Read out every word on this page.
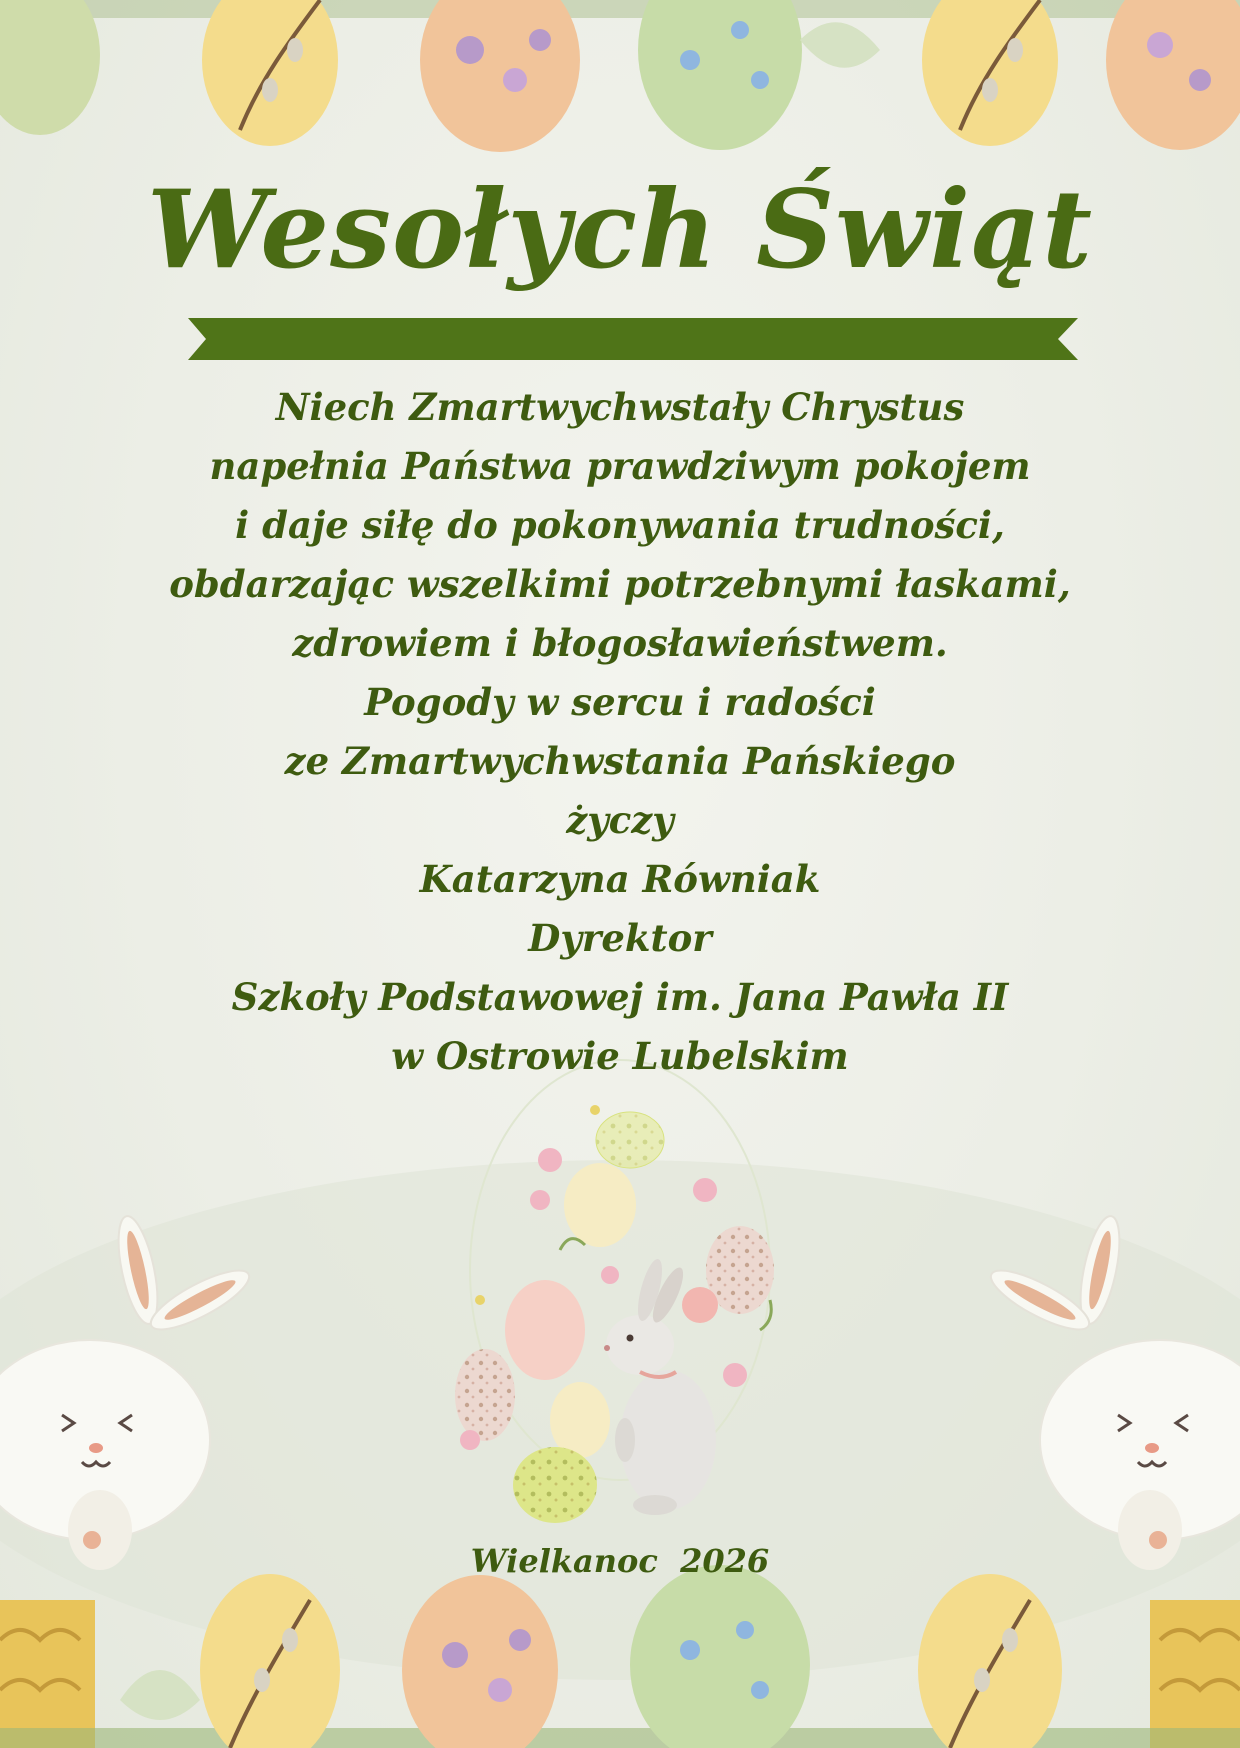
Wesołych Świąt
Niech Zmartwychwstały Chrystus
napełnia Państwa prawdziwym pokojem
i daje siłę do pokonywania trudności,
obdarzając wszelkimi potrzebnymi łaskami,
zdrowiem i błogosławieństwem.
Pogody w sercu i radości
ze Zmartwychwstania Pańskiego
życzy
Katarzyna Równiak
Dyrektor
Szkoły Podstawowej im. Jana Pawła II
w Ostrowie Lubelskim
Wielkanoc  2026
